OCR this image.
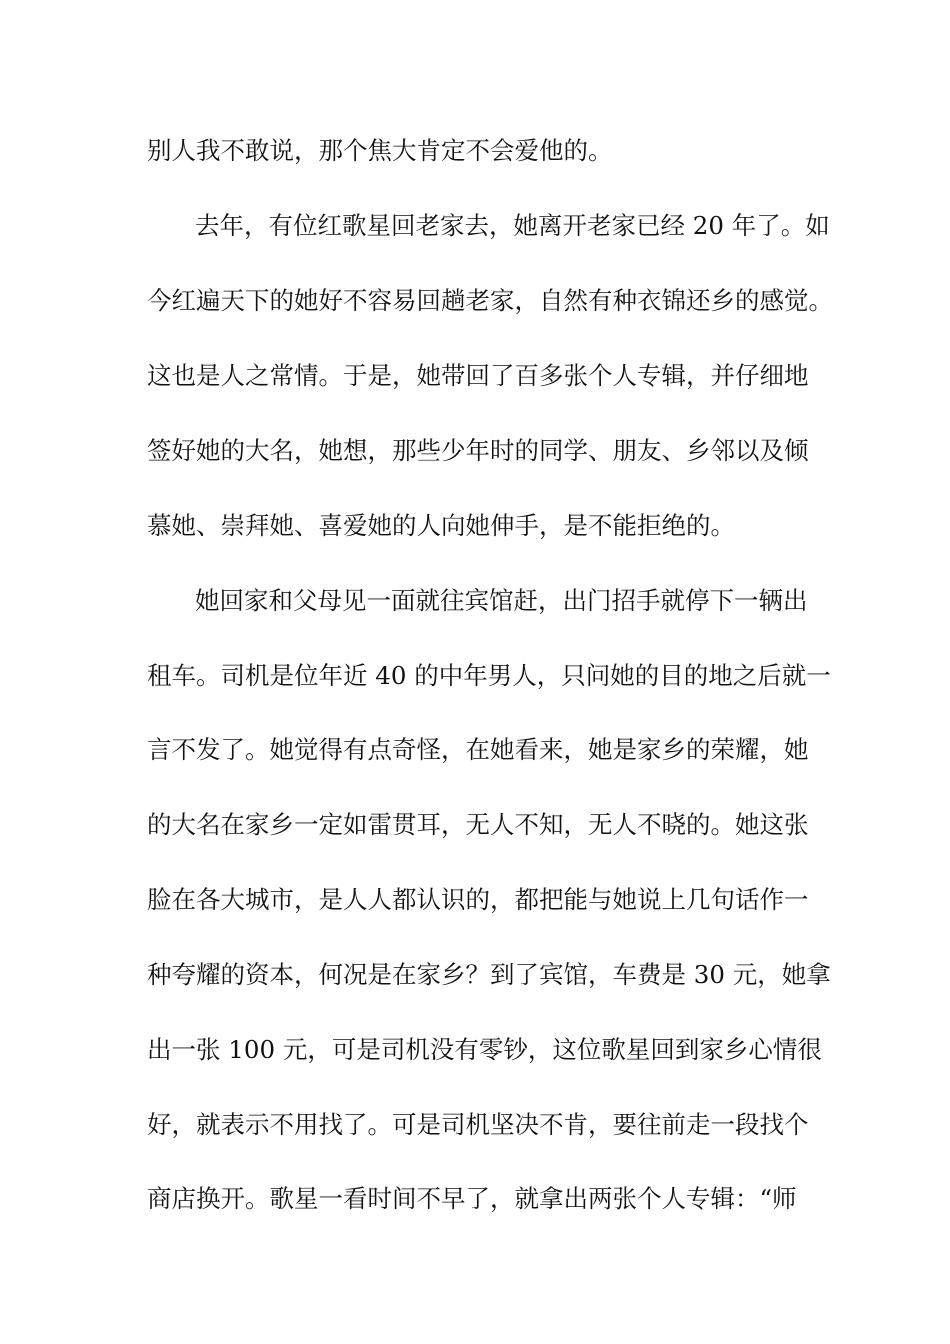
别人我不敢说，那个焦大肯定不会爱他的。
去年，有位红歌星回老家去，她离开老家已经 20 年了。如
今红遍天下的她好不容易回趟老家，自然有种衣锦还乡的感觉。
这也是人之常情。于是，她带回了百多张个人专辑，并仔细地
签好她的大名，她想，那些少年时的同学、朋友、乡邻以及倾
慕她、崇拜她、喜爱她的人向她伸手，是不能拒绝的。
她回家和父母见一面就往宾馆赶，出门招手就停下一辆出
租车。司机是位年近 40 的中年男人，只问她的目的地之后就一
言不发了。她觉得有点奇怪，在她看来，她是家乡的荣耀，她
的大名在家乡一定如雷贯耳，无人不知，无人不晓的。她这张
脸在各大城市，是人人都认识的，都把能与她说上几句话作一
种夸耀的资本，何况是在家乡？到了宾馆，车费是 30 元，她拿
出一张 100 元，可是司机没有零钞，这位歌星回到家乡心情很
好，就表示不用找了。可是司机坚决不肯，要往前走一段找个
商店换开。歌星一看时间不早了，就拿出两张个人专辑：“师
